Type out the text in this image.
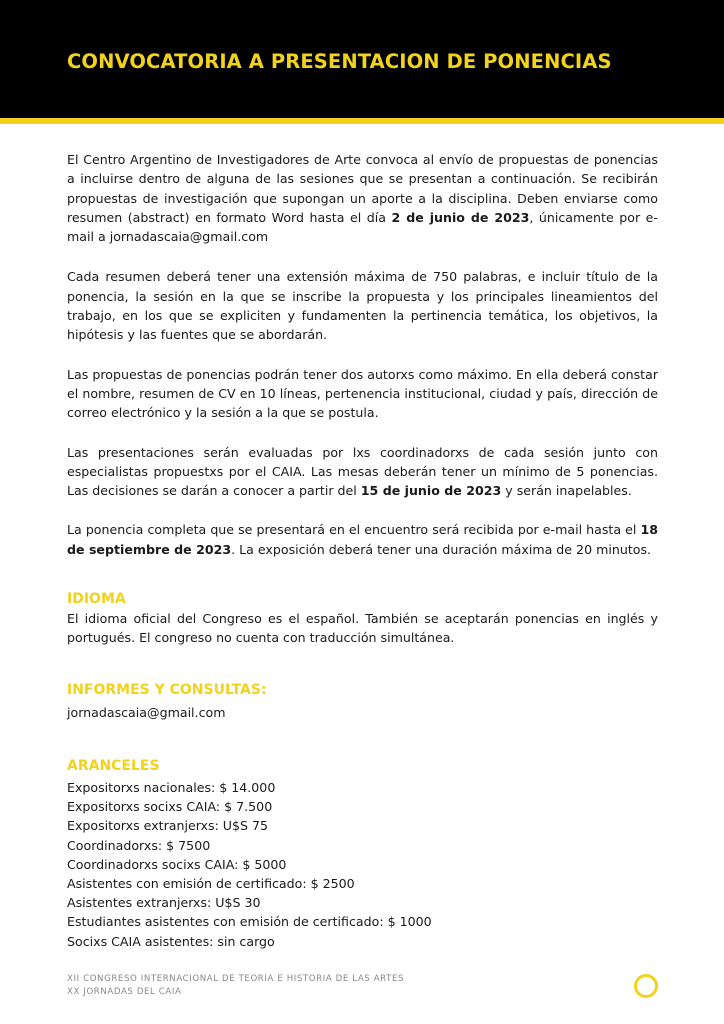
CONVOCATORIA A PRESENTACION DE PONENCIAS

El Centro Argentino de Investigadores de Arte convoca al envío de propuestas de ponencias a incluirse dentro de alguna de las sesiones que se presentan a continuación. Se recibirán propuestas de investigación que supongan un aporte a la disciplina. Deben enviarse como resumen (abstract) en formato Word hasta el día 2 de junio de 2023, únicamente por e-mail a jornadascaia@gmail.com

Cada resumen deberá tener una extensión máxima de 750 palabras, e incluir título de la ponencia, la sesión en la que se inscribe la propuesta y los principales lineamientos del trabajo, en los que se expliciten y fundamenten la pertinencia temática, los objetivos, la hipótesis y las fuentes que se abordarán.

Las propuestas de ponencias podrán tener dos autorxs como máximo. En ella deberá constar el nombre, resumen de CV en 10 líneas, pertenencia institucional, ciudad y país, dirección de correo electrónico y la sesión a la que se postula.

Las presentaciones serán evaluadas por lxs coordinadorxs de cada sesión junto con especialistas propuestxs por el CAIA. Las mesas deberán tener un mínimo de 5 ponencias. Las decisiones se darán a conocer a partir del 15 de junio de 2023 y serán inapelables.

La ponencia completa que se presentará en el encuentro será recibida por e-mail hasta el 18 de septiembre de 2023. La exposición deberá tener una duración máxima de 20 minutos.

IDIOMA

El idioma oficial del Congreso es el español. También se aceptarán ponencias en inglés y portugués. El congreso no cuenta con traducción simultánea.

INFORMES Y CONSULTAS:

jornadascaia@gmail.com

ARANCELES
Expositorxs nacionales: $ 14.000
Expositorxs socixs CAIA: $ 7.500
Expositorxs extranjerxs: U$S 75
Coordinadorxs: $ 7500
Coordinadorxs socixs CAIA: $ 5000
Asistentes con emisión de certificado: $ 2500
Asistentes extranjerxs: U$S 30
Estudiantes asistentes con emisión de certificado: $ 1000
Socixs CAIA asistentes: sin cargo
XII CONGRESO INTERNACIONAL DE TEORÍA E HISTORIA DE LAS ARTES
XX JORNADAS DEL CAIA
